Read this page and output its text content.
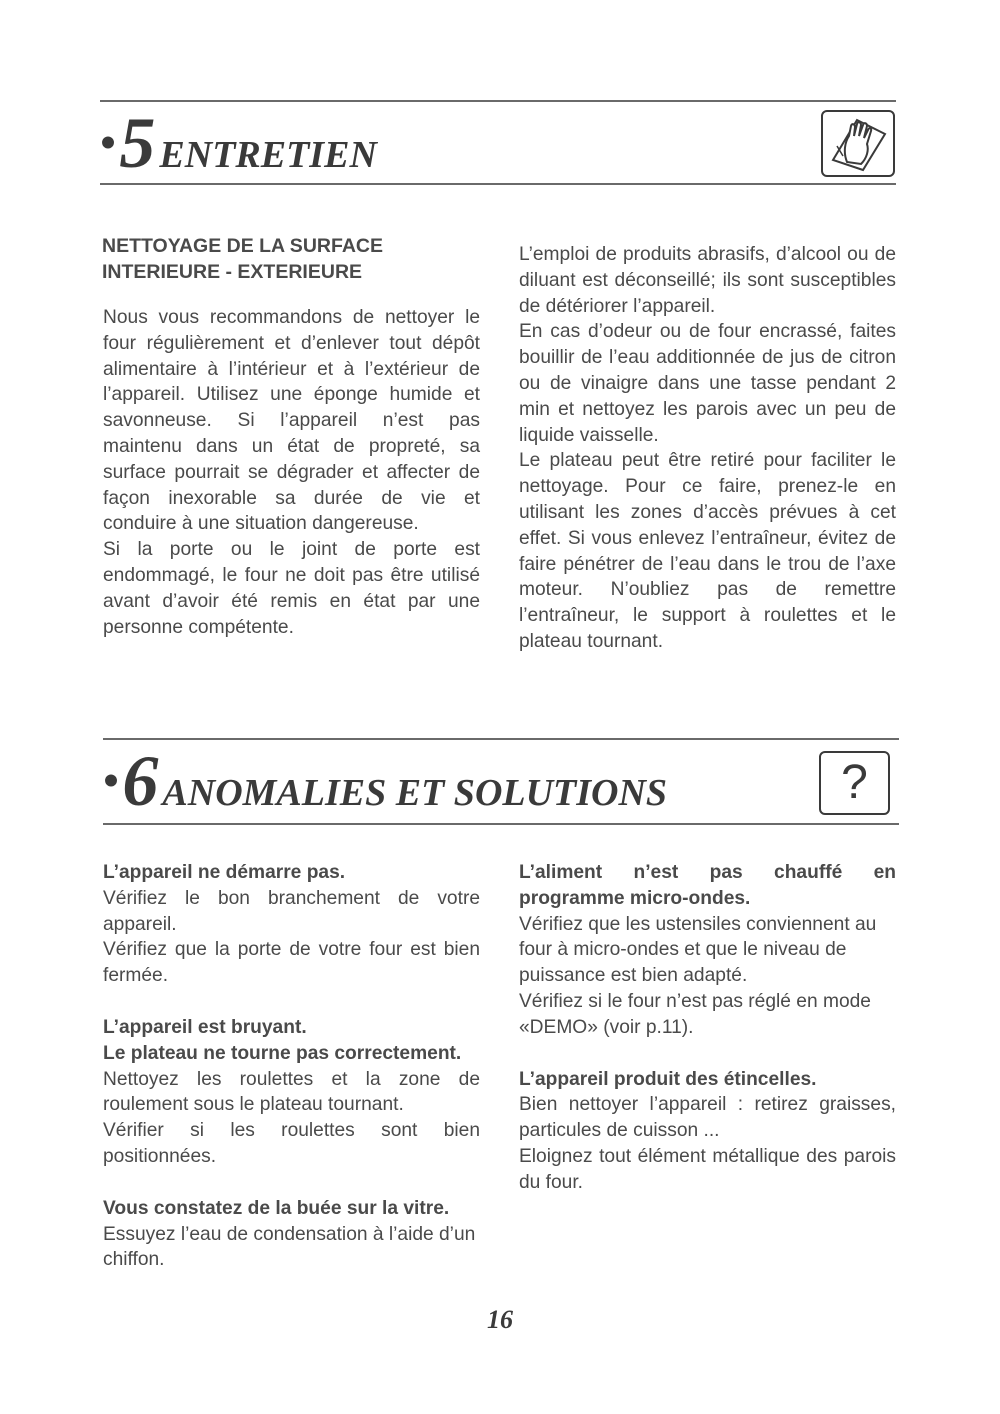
• 5 ENTRETIEN

NETTOYAGE DE LA SURFACE

INTERIEURE - EXTERIEURE

Nous vous recommandons de nettoyer le four régulièrement et d’enlever tout dépôt alimentaire à l’intérieur et à l’extérieur de l’appareil. Utilisez une éponge humide et savonneuse. Si l’appareil n’est pas maintenu dans un état de propreté, sa surface pourrait se dégrader et affecter de façon inexorable sa durée de vie et conduire à une situation dangereuse.

Si la porte ou le joint de porte est endommagé, le four ne doit pas être utilisé avant d’avoir été remis en état par une personne compétente.

L’emploi de produits abrasifs, d’alcool ou de diluant est déconseillé; ils sont susceptibles de détériorer l’appareil.

En cas d’odeur ou de four encrassé, faites bouillir de l’eau additionnée de jus de citron ou de vinaigre dans une tasse pendant 2 min et nettoyez les parois avec un peu de liquide vaisselle.

Le plateau peut être retiré pour faciliter le nettoyage. Pour ce faire, prenez-le en utilisant les zones d’accès prévues à cet effet. Si vous enlevez l’entraîneur, évitez de faire pénétrer de l’eau dans le trou de l’axe moteur. N’oubliez pas de remettre l’entraîneur, le support à roulettes et le plateau tournant.

• 6 ANOMALIES ET SOLUTIONS	?

L’appareil ne démarre pas.

Vérifiez le bon branchement de votre appareil.

Vérifiez que la porte de votre four est bien fermée.

L’appareil est bruyant.

Le plateau ne tourne pas correctement.

Nettoyez les roulettes et la zone de roulement sous le plateau tournant.

Vérifier si les roulettes sont bien positionnées.

Vous constatez de la buée sur la vitre.

Essuyez l’eau de condensation à l’aide d’un chiffon.

L’aliment n’est pas chauffé en programme micro-ondes.

Vérifiez que les ustensiles conviennent au four à micro-ondes et que le niveau de puissance est bien adapté.

Vérifiez si le four n’est pas réglé en mode «DEMO» (voir p.11).

L’appareil produit des étincelles.

Bien nettoyer l’appareil : retirez graisses, particules de cuisson ...

Eloignez tout élément métallique des parois du four.

16
